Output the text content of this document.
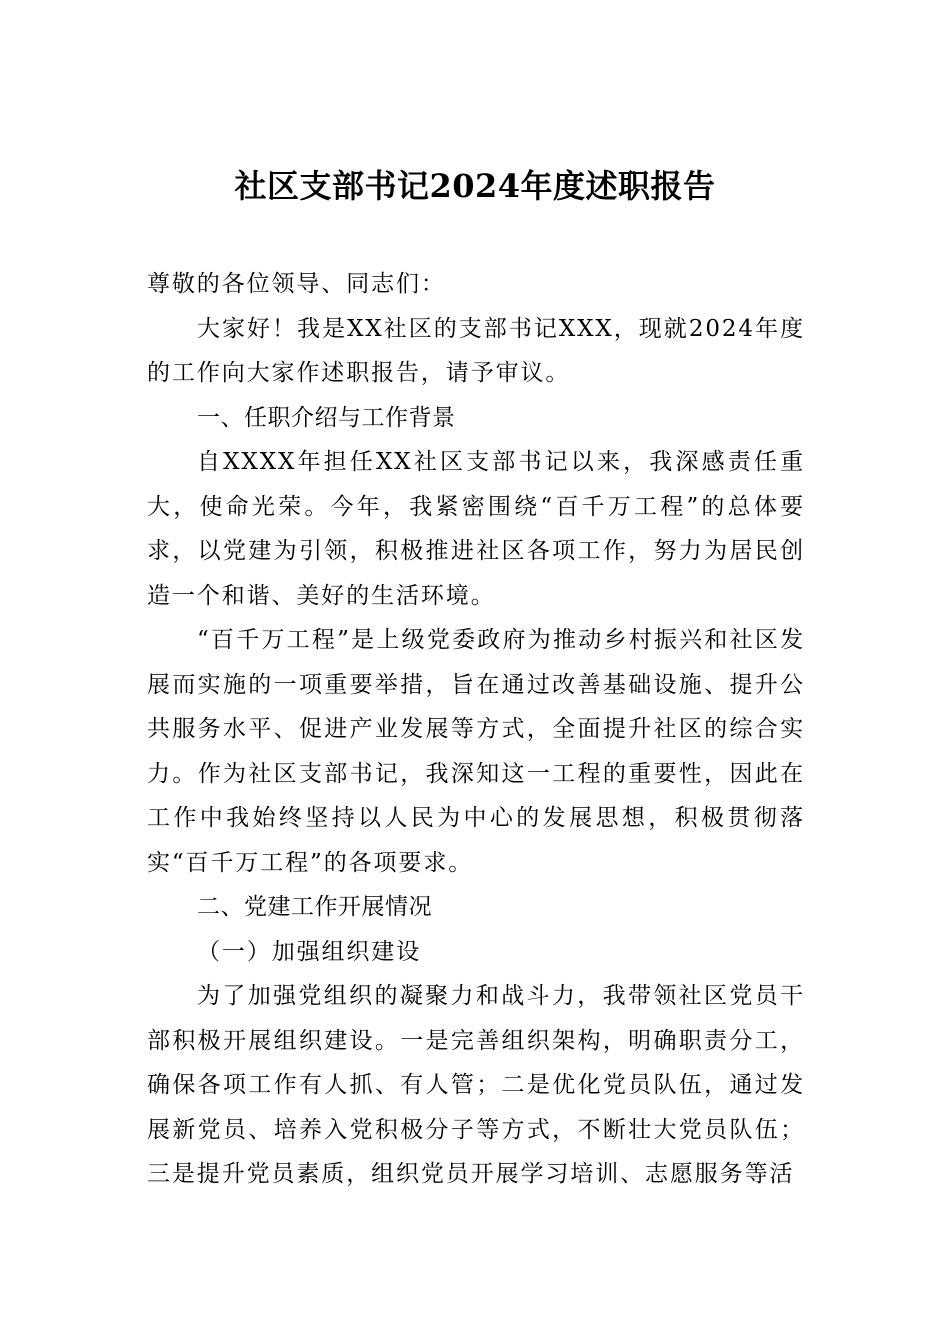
社区支部书记2024年度述职报告

尊敬的各位领导、同志们：

大家好！我是XX社区的支部书记XXX，现就2024年度的工作向大家作述职报告，请予审议。

一、任职介绍与工作背景

自XXXX年担任XX社区支部书记以来，我深感责任重大，使命光荣。今年，我紧密围绕“百千万工程”的总体要求，以党建为引领，积极推进社区各项工作，努力为居民创造一个和谐、美好的生活环境。

“百千万工程”是上级党委政府为推动乡村振兴和社区发展而实施的一项重要举措，旨在通过改善基础设施、提升公共服务水平、促进产业发展等方式，全面提升社区的综合实力。作为社区支部书记，我深知这一工程的重要性，因此在工作中我始终坚持以人民为中心的发展思想，积极贯彻落实“百千万工程”的各项要求。

二、党建工作开展情况

（一）加强组织建设

为了加强党组织的凝聚力和战斗力，我带领社区党员干部积极开展组织建设。一是完善组织架构，明确职责分工，确保各项工作有人抓、有人管；二是优化党员队伍，通过发展新党员、培养入党积极分子等方式，不断壮大党员队伍；三是提升党员素质，组织党员开展学习培训、志愿服务等活
